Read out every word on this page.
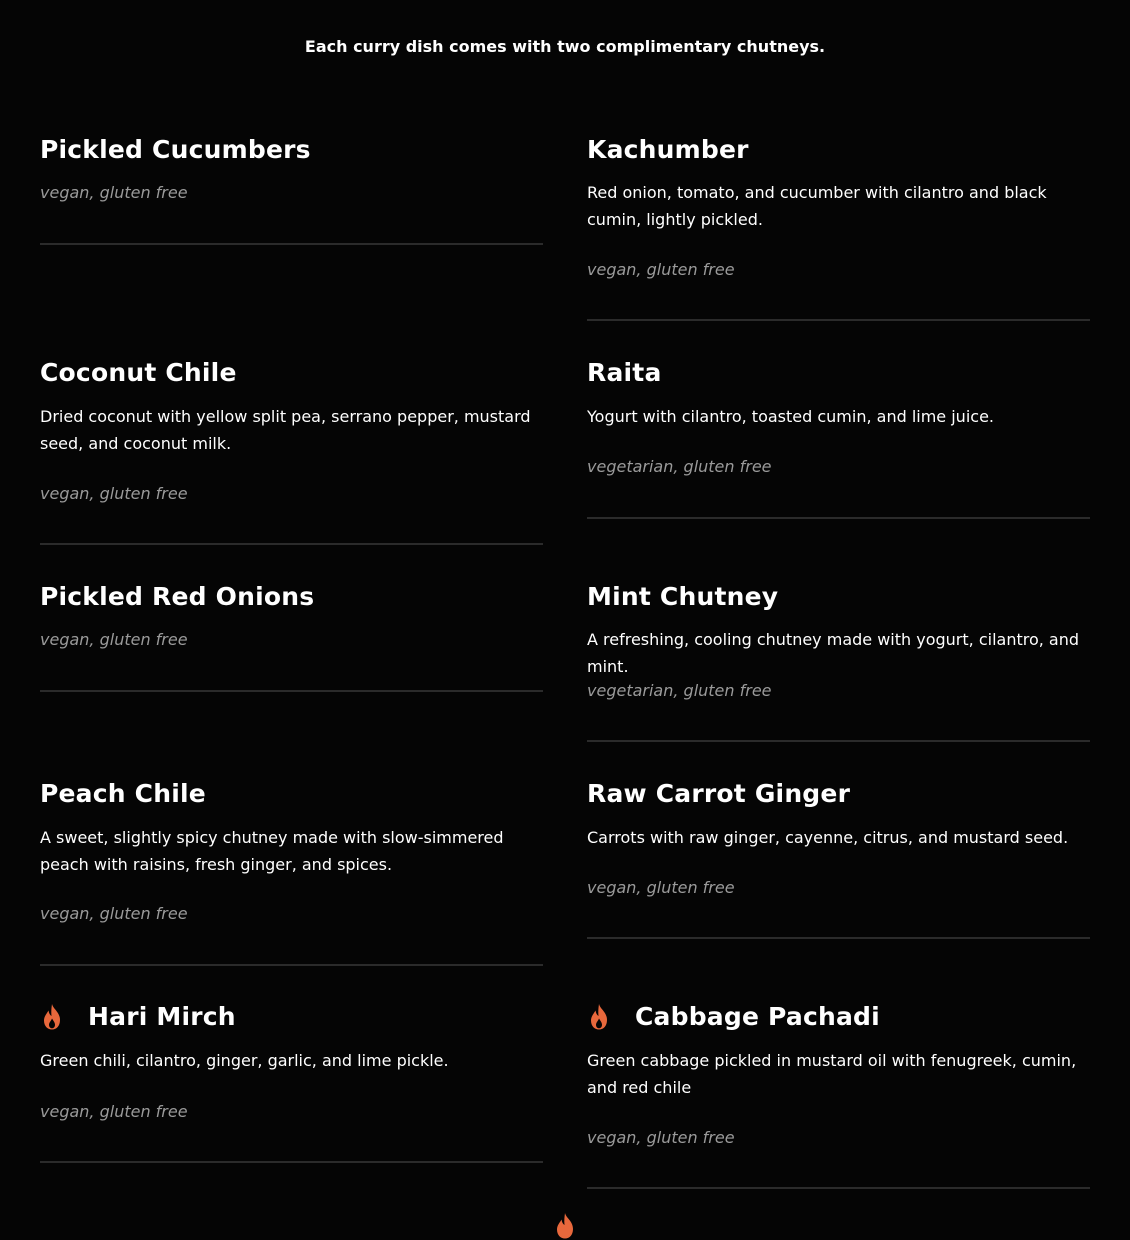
Each curry dish comes with two complimentary chutneys.
Pickled Cucumbers

vegan, gluten free

Coconut Chile

Dried coconut with yellow split pea, serrano pepper, mustard seed, and coconut milk.

vegan, gluten free

Pickled Red Onions

vegan, gluten free

Peach Chile

A sweet, slightly spicy chutney made with slow-simmered peach with raisins, fresh ginger, and spices.

vegan, gluten free

Hari Mirch

Green chili, cilantro, ginger, garlic, and lime pickle.

vegan, gluten free

Kachumber

Red onion, tomato, and cucumber with cilantro and black cumin, lightly pickled.

vegan, gluten free

Raita

Yogurt with cilantro, toasted cumin, and lime juice.

vegetarian, gluten free

Mint Chutney

A refreshing, cooling chutney made with yogurt, cilantro, and mint.

vegetarian, gluten free

Raw Carrot Ginger

Carrots with raw ginger, cayenne, citrus, and mustard seed.

vegan, gluten free

Cabbage Pachadi

Green cabbage pickled in mustard oil with fenugreek, cumin, and red chile

vegan, gluten free
